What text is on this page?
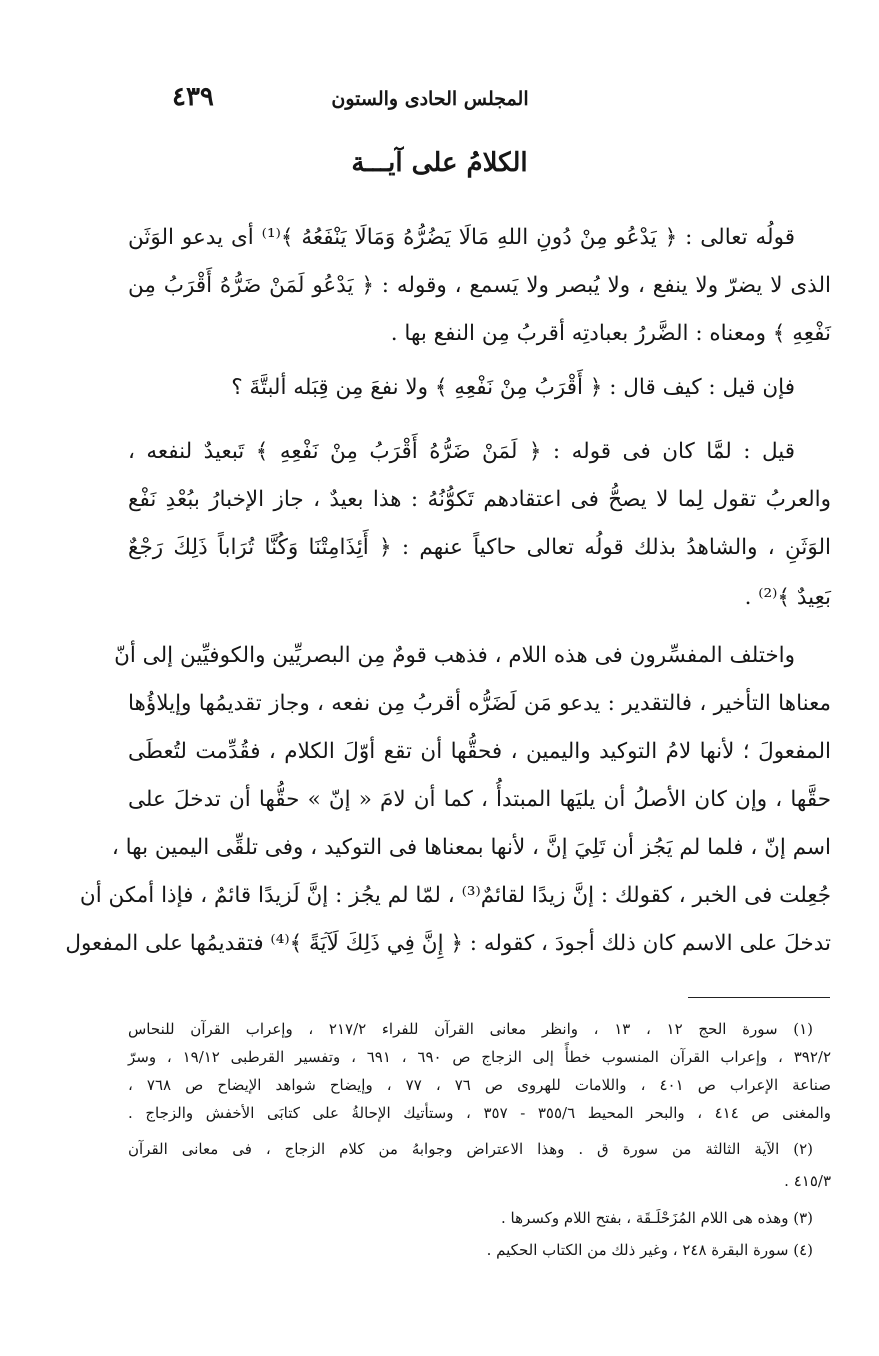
المجلس الحادى والستون
٤٣٩
الكلامُ على آيـــة
قولُه تعالى : ﴿ يَدْعُو مِنْ دُونِ اللهِ مَالَا يَضُرُّهُ وَمَالَا يَنْفَعُهُ ﴾⁽¹⁾ أى يدعو الوَثَن
الذى لا يضرّ ولا ينفع ، ولا يُبصر ولا يَسمع ، وقوله : ﴿ يَدْعُو لَمَنْ ضَرُّهُ أَقْرَبُ مِن
نَفْعِهِ ﴾ ومعناه : الضَّررُ بعبادتِه أقربُ مِن النفع بها .
فإن قيل : كيف قال : ﴿ أَقْرَبُ مِنْ نَفْعِهِ ﴾ ولا نفعَ مِن قِبَله ألبتَّةَ ؟
قيل : لمَّا كان فى قوله : ﴿ لَمَنْ ضَرُّهُ أَقْرَبُ مِنْ نَفْعِهِ ﴾ تَبعيدٌ لنفعه ،
والعربُ تقول لِما لا يصحُّ فى اعتقادهم تَكوُّنُهُ : هذا بعيدٌ ، جاز الإخبارُ ببُعْدِ نَفْع
الوَثَنِ ، والشاهدُ بذلك قولُه تعالى حاكياً عنهم : ﴿ أَئِذَامِتْنَا وَكُنَّا تُرَاباً ذَلِكَ رَجْعٌ
بَعِيدٌ ﴾⁽²⁾ .
واختلف المفسِّرون فى هذه اللام ، فذهب قومٌ مِن البصريِّين والكوفيِّين إلى أنّ
معناها التأخير ، فالتقدير : يدعو مَن لَضَرُّه أقربُ مِن نفعه ، وجاز تقديمُها وإيلاؤُها
المفعولَ ؛ لأنها لامُ التوكيد واليمين ، فحقُّها أن تقع أوّلَ الكلام ، فقُدِّمت لتُعطَى
حقَّها ، وإن كان الأصلُ أن يليَها المبتدأُ ، كما أن لامَ « إنّ » حقُّها أن تدخلَ على
اسم إنّ ، فلما لم يَجُز أن تَلِيَ إنَّ ، لأنها بمعناها فى التوكيد ، وفى تلقِّى اليمين بها ،
جُعِلت فى الخبر ، كقولك : إنَّ زيدًا لقائمٌ⁽³⁾ ، لمّا لم يجُز : إنَّ لَزيدًا قائمٌ ، فإذا أمكن أن
تدخلَ على الاسم كان ذلك أجودَ ، كقوله : ﴿ إِنَّ فِي ذَلِكَ لَآيَةً ﴾⁽⁴⁾ فتقديمُها على المفعول
(١) سورة الحج ١٢ ، ١٣ ، وانظر معانى القرآن للفراء ٢١٧/٢ ، وإعراب القرآن للنحاس
٣٩٢/٢ ، وإعراب القرآن المنسوب خطأً إلى الزجاج ص ٦٩٠ ، ٦٩١ ، وتفسير القرطبى ١٩/١٢ ، وسرّ
صناعة الإعراب ص ٤٠١ ، واللامات للهروى ص ٧٦ ، ٧٧ ، وإيضاح شواهد الإيضاح ص ٧٦٨ ،
والمغنى ص ٤١٤ ، والبحر المحيط ٣٥٥/٦ - ٣٥٧ ، وستأتيك الإحالةُ على كتابَى الأخفش والزجاج .
(٢) الآية الثالثة من سورة ق . وهذا الاعتراض وجوابهُ من كلام الزجاج ، فى معانى القرآن
٤١٥/٣ .
(٣) وهذه هى اللام المُزَحْلَـقَة ، بفتح اللام وكسرها .
(٤) سورة البقرة ٢٤٨ ، وغير ذلك من الكتاب الحكيم .
